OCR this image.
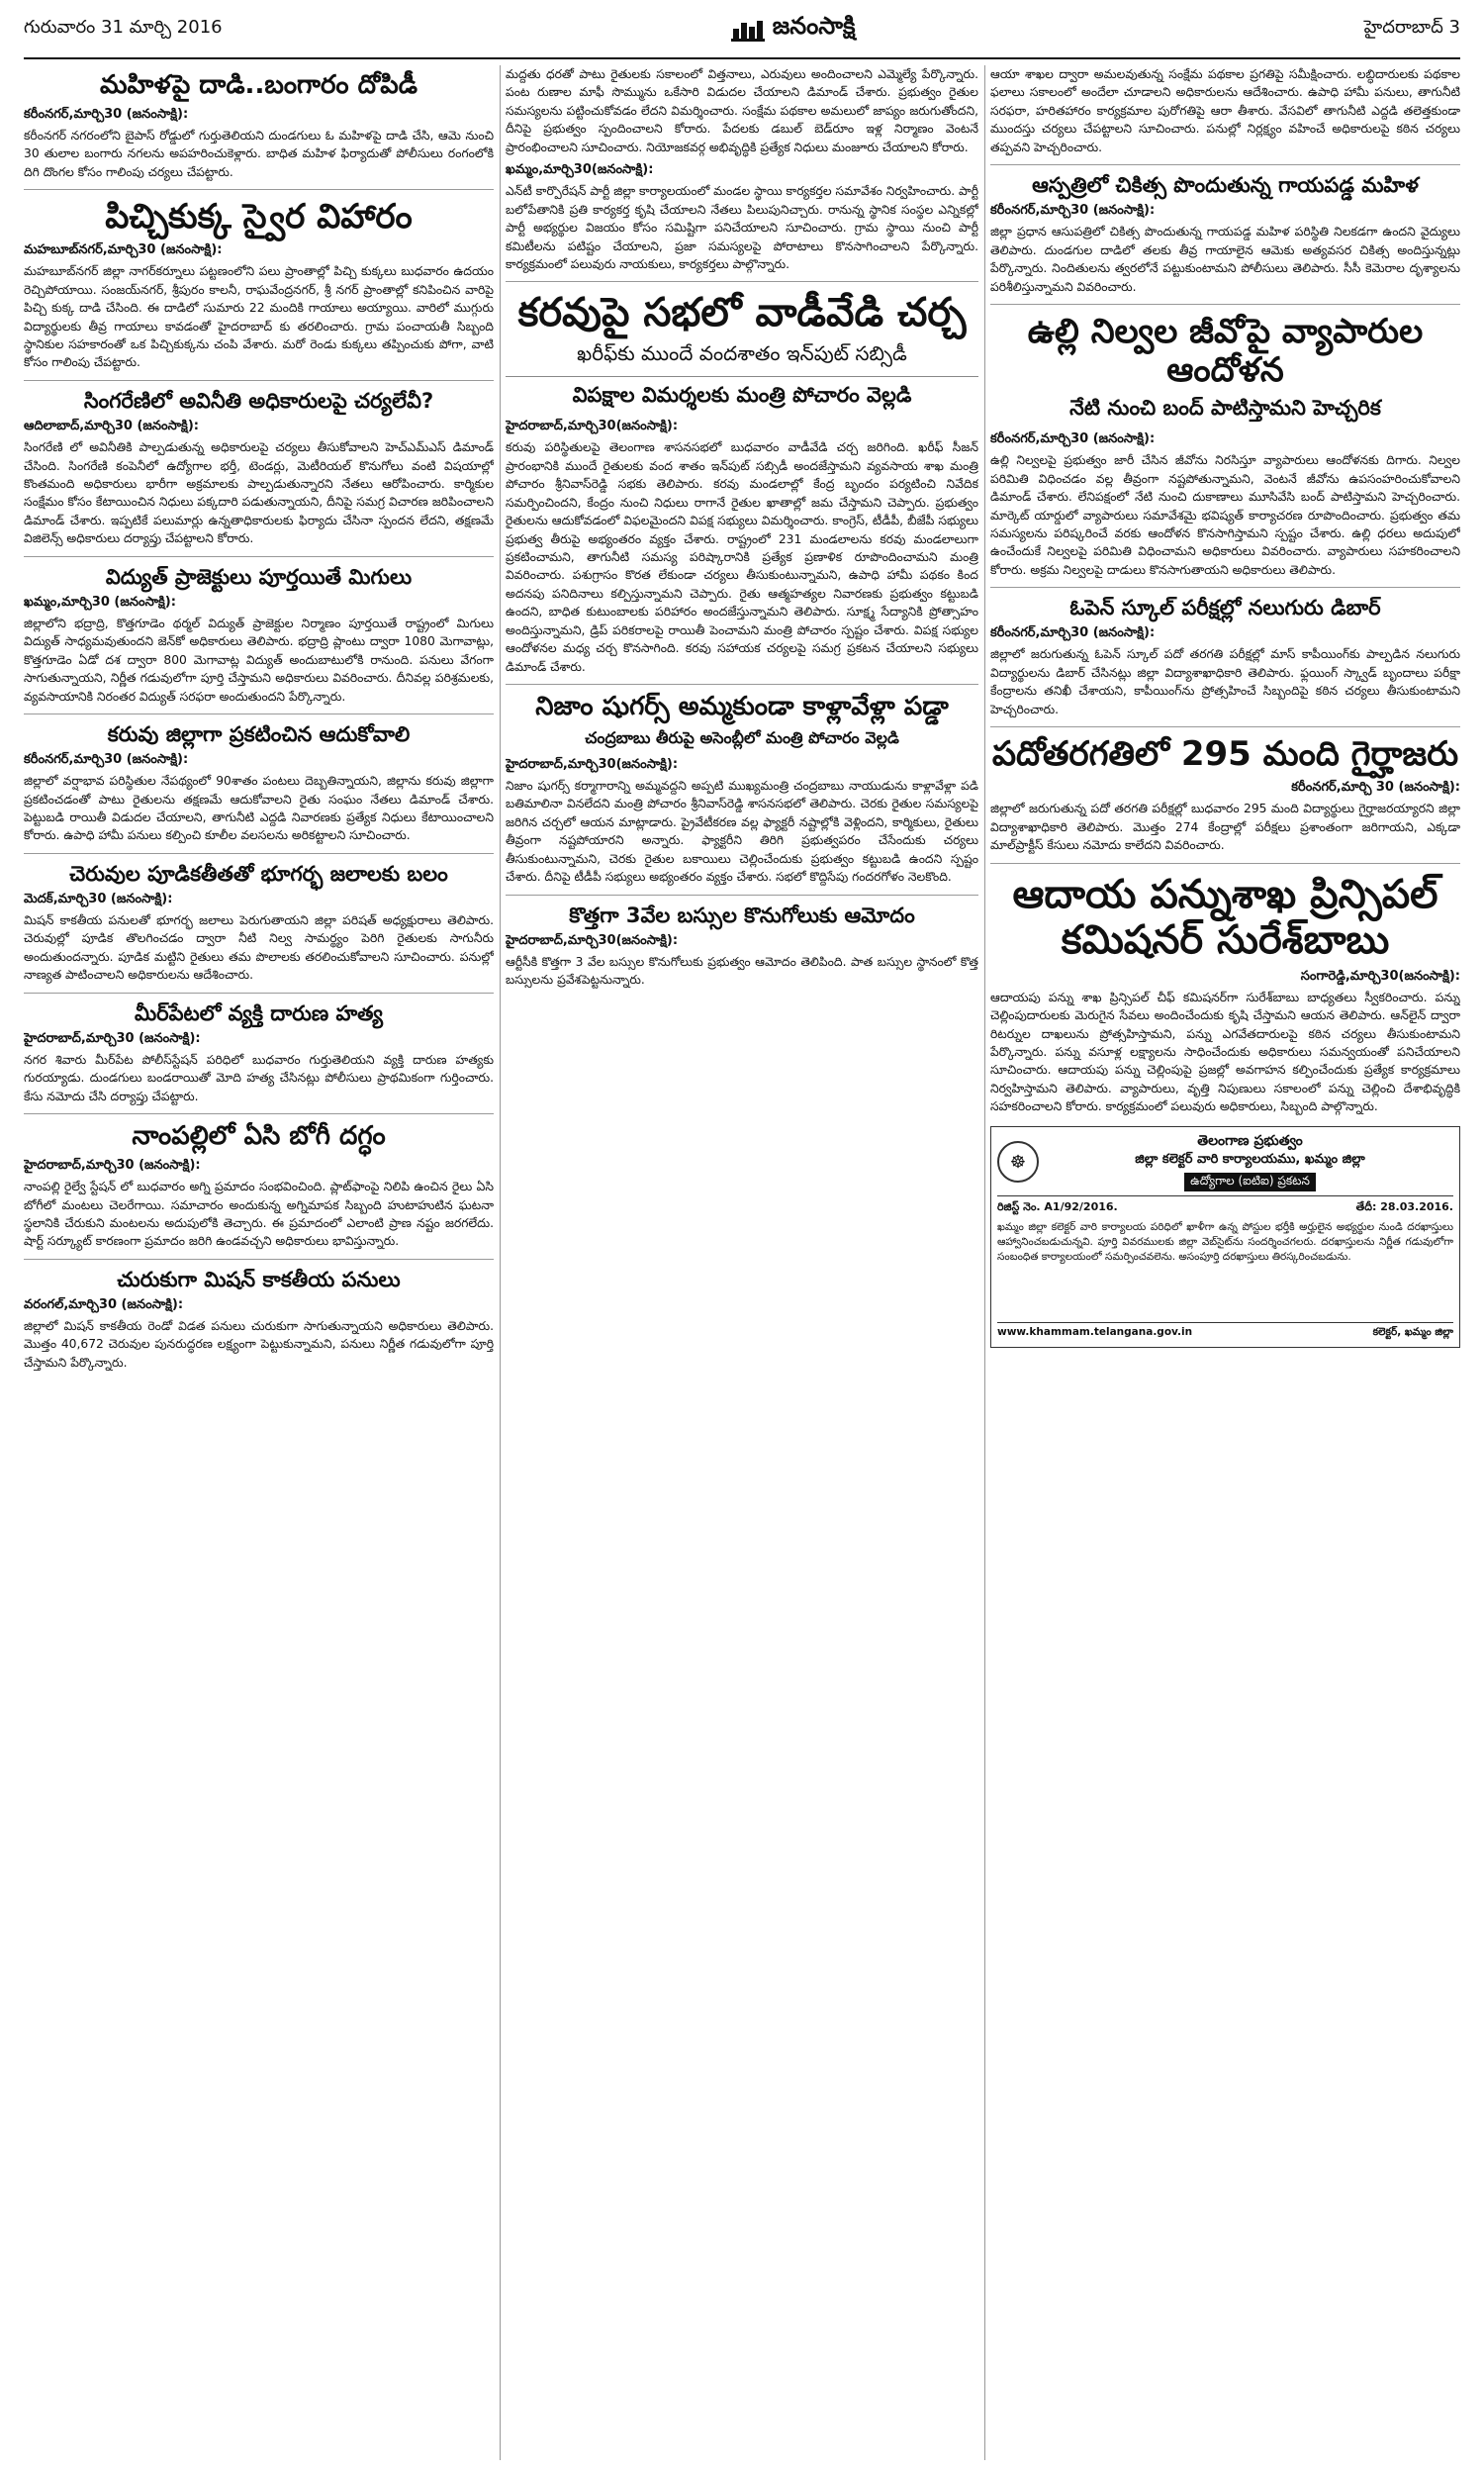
గురువారం 31 మార్చి 2016	జనంసాక్షి	హైదరాబాద్ 3
మహిళపై దాడి..బంగారం దోపిడీ

కరీంనగర్,మార్చి30 (జనంసాక్షి):

కరీంనగర్ నగరంలోని బైపాస్ రోడ్డులో గుర్తుతెలియని దుండగులు ఓ మహిళపై దాడి చేసి, ఆమె నుంచి 30 తులాల బంగారు నగలను అపహరించుకెళ్లారు. బాధిత మహిళ ఫిర్యాదుతో పోలీసులు రంగంలోకి దిగి దొంగల కోసం గాలింపు చర్యలు చేపట్టారు.

పిచ్చికుక్క స్వైర విహారం

మహబూబ్‌నగర్,మార్చి30 (జనంసాక్షి):

మహబూబ్‌నగర్ జిల్లా నాగర్‌కర్నూలు పట్టణంలోని పలు ప్రాంతాల్లో పిచ్చి కుక్కలు బుధవారం ఉదయం రెచ్చిపోయాయి. సంజయ్‌నగర్, శ్రీపురం కాలనీ, రాఘవేంద్రనగర్, శ్రీ నగర్ ప్రాంతాల్లో కనిపించిన వారిపై పిచ్చి కుక్క దాడి చేసింది. ఈ దాడిలో సుమారు 22 మందికి గాయాలు అయ్యాయి. వారిలో ముగ్గురు విద్యార్థులకు తీవ్ర గాయాలు కావడంతో హైదరాబాద్ కు తరలించారు. గ్రామ పంచాయతీ సిబ్బంది స్థానికుల సహకారంతో ఒక పిచ్చికుక్కను చంపి వేశారు. మరో రెండు కుక్కలు తప్పించుకు పోగా, వాటి కోసం గాలింపు చేపట్టారు.

సింగరేణిలో అవినీతి అధికారులపై చర్యలేవీ?

ఆదిలాబాద్,మార్చి30 (జనంసాక్షి):

సింగరేణి లో అవినీతికి పాల్పడుతున్న అధికారులపై చర్యలు తీసుకోవాలని హెచ్‌ఎమ్ఎస్ డిమాండ్ చేసింది. సింగరేణి కంపెనీలో ఉద్యోగాల భర్తీ, టెండర్లు, మెటీరియల్ కొనుగోలు వంటి విషయాల్లో కొంతమంది అధికారులు భారీగా అక్రమాలకు పాల్పడుతున్నారని నేతలు ఆరోపించారు. కార్మికుల సంక్షేమం కోసం కేటాయించిన నిధులు పక్కదారి పడుతున్నాయని, దీనిపై సమగ్ర విచారణ జరిపించాలని డిమాండ్ చేశారు. ఇప్పటికే పలుమార్లు ఉన్నతాధికారులకు ఫిర్యాదు చేసినా స్పందన లేదని, తక్షణమే విజిలెన్స్ అధికారులు దర్యాప్తు చేపట్టాలని కోరారు.

విద్యుత్ ప్రాజెక్టులు పూర్తయితే మిగులు

ఖమ్మం,మార్చి30 (జనంసాక్షి):

జిల్లాలోని భద్రాద్రి, కొత్తగూడెం థర్మల్ విద్యుత్ ప్రాజెక్టుల నిర్మాణం పూర్తయితే రాష్ట్రంలో మిగులు విద్యుత్ సాధ్యమవుతుందని జెన్‌కో అధికారులు తెలిపారు. భద్రాద్రి ప్లాంటు ద్వారా 1080 మెగావాట్లు, కొత్తగూడెం ఏడో దశ ద్వారా 800 మెగావాట్ల విద్యుత్ అందుబాటులోకి రానుంది. పనులు వేగంగా సాగుతున్నాయని, నిర్ణీత గడువులోగా పూర్తి చేస్తామని అధికారులు వివరించారు. దీనివల్ల పరిశ్రమలకు, వ్యవసాయానికి నిరంతర విద్యుత్ సరఫరా అందుతుందని పేర్కొన్నారు.

కరువు జిల్లాగా ప్రకటించిన ఆదుకోవాలి

కరీంనగర్,మార్చి30 (జనంసాక్షి):

జిల్లాలో వర్షాభావ పరిస్థితుల నేపథ్యంలో 90శాతం పంటలు దెబ్బతిన్నాయని, జిల్లాను కరువు జిల్లాగా ప్రకటించడంతో పాటు రైతులను తక్షణమే ఆదుకోవాలని రైతు సంఘం నేతలు డిమాండ్ చేశారు. పెట్టుబడి రాయితీ విడుదల చేయాలని, తాగునీటి ఎద్దడి నివారణకు ప్రత్యేక నిధులు కేటాయించాలని కోరారు. ఉపాధి హామీ పనులు కల్పించి కూలీల వలసలను అరికట్టాలని సూచించారు.

చెరువుల పూడికతీతతో భూగర్భ జలాలకు బలం

మెదక్,మార్చి30 (జనంసాక్షి):

మిషన్ కాకతీయ పనులతో భూగర్భ జలాలు పెరుగుతాయని జిల్లా పరిషత్ అధ్యక్షురాలు తెలిపారు. చెరువుల్లో పూడిక తొలగించడం ద్వారా నీటి నిల్వ సామర్థ్యం పెరిగి రైతులకు సాగునీరు అందుతుందన్నారు. పూడిక మట్టిని రైతులు తమ పొలాలకు తరలించుకోవాలని సూచించారు. పనుల్లో నాణ్యత పాటించాలని అధికారులను ఆదేశించారు.

మీర్‌పేటలో వ్యక్తి దారుణ హత్య

హైదరాబాద్,మార్చి30 (జనంసాక్షి):

నగర శివారు మీర్‌పేట పోలీస్‌స్టేషన్ పరిధిలో బుధవారం గుర్తుతెలియని వ్యక్తి దారుణ హత్యకు గురయ్యాడు. దుండగులు బండరాయితో మోది హత్య చేసినట్లు పోలీసులు ప్రాథమికంగా గుర్తించారు. కేసు నమోదు చేసి దర్యాప్తు చేపట్టారు.

నాంపల్లిలో ఏసి బోగీ దగ్ధం

హైదరాబాద్,మార్చి30 (జనంసాక్షి):

నాంపల్లి రైల్వే స్టేషన్ లో బుధవారం అగ్ని ప్రమాదం సంభవించింది. ప్లాట్‌ఫాంపై నిలిపి ఉంచిన రైలు ఏసి బోగీలో మంటలు చెలరేగాయి. సమాచారం అందుకున్న అగ్నిమాపక సిబ్బంది హుటాహుటిన ఘటనా స్థలానికి చేరుకుని మంటలను అదుపులోకి తెచ్చారు. ఈ ప్రమాదంలో ఎలాంటి ప్రాణ నష్టం జరగలేదు. షార్ట్ సర్క్యూట్ కారణంగా ప్రమాదం జరిగి ఉండవచ్చని అధికారులు భావిస్తున్నారు.

చురుకుగా మిషన్ కాకతీయ పనులు

వరంగల్,మార్చి30 (జనంసాక్షి):

జిల్లాలో మిషన్ కాకతీయ రెండో విడత పనులు చురుకుగా సాగుతున్నాయని అధికారులు తెలిపారు. మొత్తం 40,672 చెరువుల పునరుద్ధరణ లక్ష్యంగా పెట్టుకున్నామని, పనులు నిర్ణీత గడువులోగా పూర్తి చేస్తామని పేర్కొన్నారు.

మద్దతు ధరతో పాటు రైతులకు సకాలంలో విత్తనాలు, ఎరువులు అందించాలని ఎమ్మెల్యే పేర్కొన్నారు. పంట రుణాల మాఫీ సొమ్మును ఒకేసారి విడుదల చేయాలని డిమాండ్ చేశారు. ప్రభుత్వం రైతుల సమస్యలను పట్టించుకోవడం లేదని విమర్శించారు. సంక్షేమ పథకాల అమలులో జాప్యం జరుగుతోందని, దీనిపై ప్రభుత్వం స్పందించాలని కోరారు. పేదలకు డబుల్ బెడ్‌రూం ఇళ్ల నిర్మాణం వెంటనే ప్రారంభించాలని సూచించారు. నియోజకవర్గ అభివృద్ధికి ప్రత్యేక నిధులు మంజూరు చేయాలని కోరారు.

ఖమ్మం,మార్చి30(జనంసాక్షి):

ఎన్‌టీ కార్పొరేషన్ పార్టీ జిల్లా కార్యాలయంలో మండల స్థాయి కార్యకర్తల సమావేశం నిర్వహించారు. పార్టీ బలోపేతానికి ప్రతి కార్యకర్త కృషి చేయాలని నేతలు పిలుపునిచ్చారు. రానున్న స్థానిక సంస్థల ఎన్నికల్లో పార్టీ అభ్యర్థుల విజయం కోసం సమిష్టిగా పనిచేయాలని సూచించారు. గ్రామ స్థాయి నుంచి పార్టీ కమిటీలను పటిష్టం చేయాలని, ప్రజా సమస్యలపై పోరాటాలు కొనసాగించాలని పేర్కొన్నారు. కార్యక్రమంలో పలువురు నాయకులు, కార్యకర్తలు పాల్గొన్నారు.

కరవుపై సభలో వాడీవేడి చర్చ
ఖరీఫ్‌కు ముందే వందశాతం ఇన్‌పుట్ సబ్సిడీ
విపక్షాల విమర్శలకు మంత్రి పోచారం వెల్లడి

హైదరాబాద్,మార్చి30(జనంసాక్షి):

కరువు పరిస్థితులపై తెలంగాణ శాసనసభలో బుధవారం వాడీవేడి చర్చ జరిగింది. ఖరీఫ్ సీజన్ ప్రారంభానికి ముందే రైతులకు వంద శాతం ఇన్‌పుట్ సబ్సిడీ అందజేస్తామని వ్యవసాయ శాఖ మంత్రి పోచారం శ్రీనివాస్‌రెడ్డి సభకు తెలిపారు. కరవు మండలాల్లో కేంద్ర బృందం పర్యటించి నివేదిక సమర్పించిందని, కేంద్రం నుంచి నిధులు రాగానే రైతుల ఖాతాల్లో జమ చేస్తామని చెప్పారు. ప్రభుత్వం రైతులను ఆదుకోవడంలో విఫలమైందని విపక్ష సభ్యులు విమర్శించారు. కాంగ్రెస్, టీడీపీ, బీజేపీ సభ్యులు ప్రభుత్వ తీరుపై అభ్యంతరం వ్యక్తం చేశారు. రాష్ట్రంలో 231 మండలాలను కరవు మండలాలుగా ప్రకటించామని, తాగునీటి సమస్య పరిష్కారానికి ప్రత్యేక ప్రణాళిక రూపొందించామని మంత్రి వివరించారు. పశుగ్రాసం కొరత లేకుండా చర్యలు తీసుకుంటున్నామని, ఉపాధి హామీ పథకం కింద అదనపు పనిదినాలు కల్పిస్తున్నామని చెప్పారు. రైతు ఆత్మహత్యల నివారణకు ప్రభుత్వం కట్టుబడి ఉందని, బాధిత కుటుంబాలకు పరిహారం అందజేస్తున్నామని తెలిపారు. సూక్ష్మ సేద్యానికి ప్రోత్సాహం అందిస్తున్నామని, డ్రిప్ పరికరాలపై రాయితీ పెంచామని మంత్రి పోచారం స్పష్టం చేశారు. విపక్ష సభ్యుల ఆందోళనల మధ్య చర్చ కొనసాగింది. కరవు సహాయక చర్యలపై సమగ్ర ప్రకటన చేయాలని సభ్యులు డిమాండ్ చేశారు.

నిజాం షుగర్స్ అమ్మకుండా కాళ్లావేళ్లా పడ్డా
చంద్రబాబు తీరుపై అసెంబ్లీలో మంత్రి పోచారం వెల్లడి

హైదరాబాద్,మార్చి30(జనంసాక్షి):

నిజాం షుగర్స్ కర్మాగారాన్ని అమ్మవద్దని అప్పటి ముఖ్యమంత్రి చంద్రబాబు నాయుడును కాళ్లావేళ్లా పడి బతిమాలినా వినలేదని మంత్రి పోచారం శ్రీనివాస్‌రెడ్డి శాసనసభలో తెలిపారు. చెరకు రైతుల సమస్యలపై జరిగిన చర్చలో ఆయన మాట్లాడారు. ప్రైవేటీకరణ వల్ల ఫ్యాక్టరీ నష్టాల్లోకి వెళ్లిందని, కార్మికులు, రైతులు తీవ్రంగా నష్టపోయారని అన్నారు. ఫ్యాక్టరీని తిరిగి ప్రభుత్వపరం చేసేందుకు చర్యలు తీసుకుంటున్నామని, చెరకు రైతుల బకాయిలు చెల్లించేందుకు ప్రభుత్వం కట్టుబడి ఉందని స్పష్టం చేశారు. దీనిపై టీడీపీ సభ్యులు అభ్యంతరం వ్యక్తం చేశారు. సభలో కొద్దిసేపు గందరగోళం నెలకొంది.

కొత్తగా 3వేల బస్సుల కొనుగోలుకు ఆమోదం

హైదరాబాద్,మార్చి30(జనంసాక్షి):

ఆర్టీసీకి కొత్తగా 3 వేల బస్సుల కొనుగోలుకు ప్రభుత్వం ఆమోదం తెలిపింది. పాత బస్సుల స్థానంలో కొత్త బస్సులను ప్రవేశపెట్టనున్నారు.

ఆయా శాఖల ద్వారా అమలవుతున్న సంక్షేమ పథకాల ప్రగతిపై సమీక్షించారు. లబ్ధిదారులకు పథకాల ఫలాలు సకాలంలో అందేలా చూడాలని అధికారులను ఆదేశించారు. ఉపాధి హామీ పనులు, తాగునీటి సరఫరా, హరితహారం కార్యక్రమాల పురోగతిపై ఆరా తీశారు. వేసవిలో తాగునీటి ఎద్దడి తలెత్తకుండా ముందస్తు చర్యలు చేపట్టాలని సూచించారు. పనుల్లో నిర్లక్ష్యం వహించే అధికారులపై కఠిన చర్యలు తప్పవని హెచ్చరించారు.

ఆస్పత్రిలో చికిత్స పొందుతున్న గాయపడ్డ మహిళ

కరీంనగర్,మార్చి30 (జనంసాక్షి):

జిల్లా ప్రధాన ఆసుపత్రిలో చికిత్స పొందుతున్న గాయపడ్డ మహిళ పరిస్థితి నిలకడగా ఉందని వైద్యులు తెలిపారు. దుండగుల దాడిలో తలకు తీవ్ర గాయాలైన ఆమెకు అత్యవసర చికిత్స అందిస్తున్నట్లు పేర్కొన్నారు. నిందితులను త్వరలోనే పట్టుకుంటామని పోలీసులు తెలిపారు. సీసీ కెమెరాల దృశ్యాలను పరిశీలిస్తున్నామని వివరించారు.

ఉల్లి నిల్వల జీవోపై వ్యాపారుల ఆందోళన
నేటి నుంచి బంద్ పాటిస్తామని హెచ్చరిక

కరీంనగర్,మార్చి30 (జనంసాక్షి):

ఉల్లి నిల్వలపై ప్రభుత్వం జారీ చేసిన జీవోను నిరసిస్తూ వ్యాపారులు ఆందోళనకు దిగారు. నిల్వల పరిమితి విధించడం వల్ల తీవ్రంగా నష్టపోతున్నామని, వెంటనే జీవోను ఉపసంహరించుకోవాలని డిమాండ్ చేశారు. లేనిపక్షంలో నేటి నుంచి దుకాణాలు మూసివేసి బంద్ పాటిస్తామని హెచ్చరించారు. మార్కెట్ యార్డులో వ్యాపారులు సమావేశమై భవిష్యత్ కార్యాచరణ రూపొందించారు. ప్రభుత్వం తమ సమస్యలను పరిష్కరించే వరకు ఆందోళన కొనసాగిస్తామని స్పష్టం చేశారు. ఉల్లి ధరలు అదుపులో ఉంచేందుకే నిల్వలపై పరిమితి విధించామని అధికారులు వివరించారు. వ్యాపారులు సహకరించాలని కోరారు. అక్రమ నిల్వలపై దాడులు కొనసాగుతాయని అధికారులు తెలిపారు.

ఓపెన్ స్కూల్ పరీక్షల్లో నలుగురు డిబార్

కరీంనగర్,మార్చి30 (జనంసాక్షి):

జిల్లాలో జరుగుతున్న ఓపెన్ స్కూల్ పదో తరగతి పరీక్షల్లో మాస్ కాపీయింగ్‌కు పాల్పడిన నలుగురు విద్యార్థులను డిబార్ చేసినట్లు జిల్లా విద్యాశాఖాధికారి తెలిపారు. ఫ్లయింగ్ స్క్వాడ్ బృందాలు పరీక్షా కేంద్రాలను తనిఖీ చేశాయని, కాపీయింగ్‌ను ప్రోత్సహించే సిబ్బందిపై కఠిన చర్యలు తీసుకుంటామని హెచ్చరించారు.

పదోతరగతిలో 295 మంది గైర్హాజరు

కరీంనగర్,మార్చి 30 (జనంసాక్షి):

జిల్లాలో జరుగుతున్న పదో తరగతి పరీక్షల్లో బుధవారం 295 మంది విద్యార్థులు గైర్హాజరయ్యారని జిల్లా విద్యాశాఖాధికారి తెలిపారు. మొత్తం 274 కేంద్రాల్లో పరీక్షలు ప్రశాంతంగా జరిగాయని, ఎక్కడా మాల్‌ప్రాక్టీస్ కేసులు నమోదు కాలేదని వివరించారు.

ఆదాయ పన్నుశాఖ ప్రిన్సిపల్ కమిషనర్ సురేశ్‌బాబు

సంగారెడ్డి,మార్చి30(జనంసాక్షి):

ఆదాయపు పన్ను శాఖ ప్రిన్సిపల్ చీఫ్ కమిషనర్‌గా సురేశ్‌బాబు బాధ్యతలు స్వీకరించారు. పన్ను చెల్లింపుదారులకు మెరుగైన సేవలు అందించేందుకు కృషి చేస్తామని ఆయన తెలిపారు. ఆన్‌లైన్ ద్వారా రిటర్నుల దాఖలును ప్రోత్సహిస్తామని, పన్ను ఎగవేతదారులపై కఠిన చర్యలు తీసుకుంటామని పేర్కొన్నారు. పన్ను వసూళ్ల లక్ష్యాలను సాధించేందుకు అధికారులు సమన్వయంతో పనిచేయాలని సూచించారు. ఆదాయపు పన్ను చెల్లింపుపై ప్రజల్లో అవగాహన కల్పించేందుకు ప్రత్యేక కార్యక్రమాలు నిర్వహిస్తామని తెలిపారు. వ్యాపారులు, వృత్తి నిపుణులు సకాలంలో పన్ను చెల్లించి దేశాభివృద్ధికి సహకరించాలని కోరారు. కార్యక్రమంలో పలువురు అధికారులు, సిబ్బంది పాల్గొన్నారు.

☸
తెలంగాణ ప్రభుత్వం
జిల్లా కలెక్టర్ వారి కార్యాలయము, ఖమ్మం జిల్లా
ఉద్యోగాల (ఐటిఐ) ప్రకటన
రిజిస్ట్ నెం. A1/92/2016.	తేదీ: 28.03.2016.

ఖమ్మం జిల్లా కలెక్టర్ వారి కార్యాలయ పరిధిలో ఖాళీగా ఉన్న పోస్టుల భర్తీకి అర్హులైన అభ్యర్థుల నుండి దరఖాస్తులు ఆహ్వానించబడుచున్నవి. పూర్తి వివరములకు జిల్లా వెబ్‌సైట్‌ను సందర్శించగలరు. దరఖాస్తులను నిర్ణీత గడువులోగా సంబంధిత కార్యాలయంలో సమర్పించవలెను. అసంపూర్తి దరఖాస్తులు తిరస్కరించబడును.

www.khammam.telangana.gov.in	కలెక్టర్, ఖమ్మం జిల్లా
